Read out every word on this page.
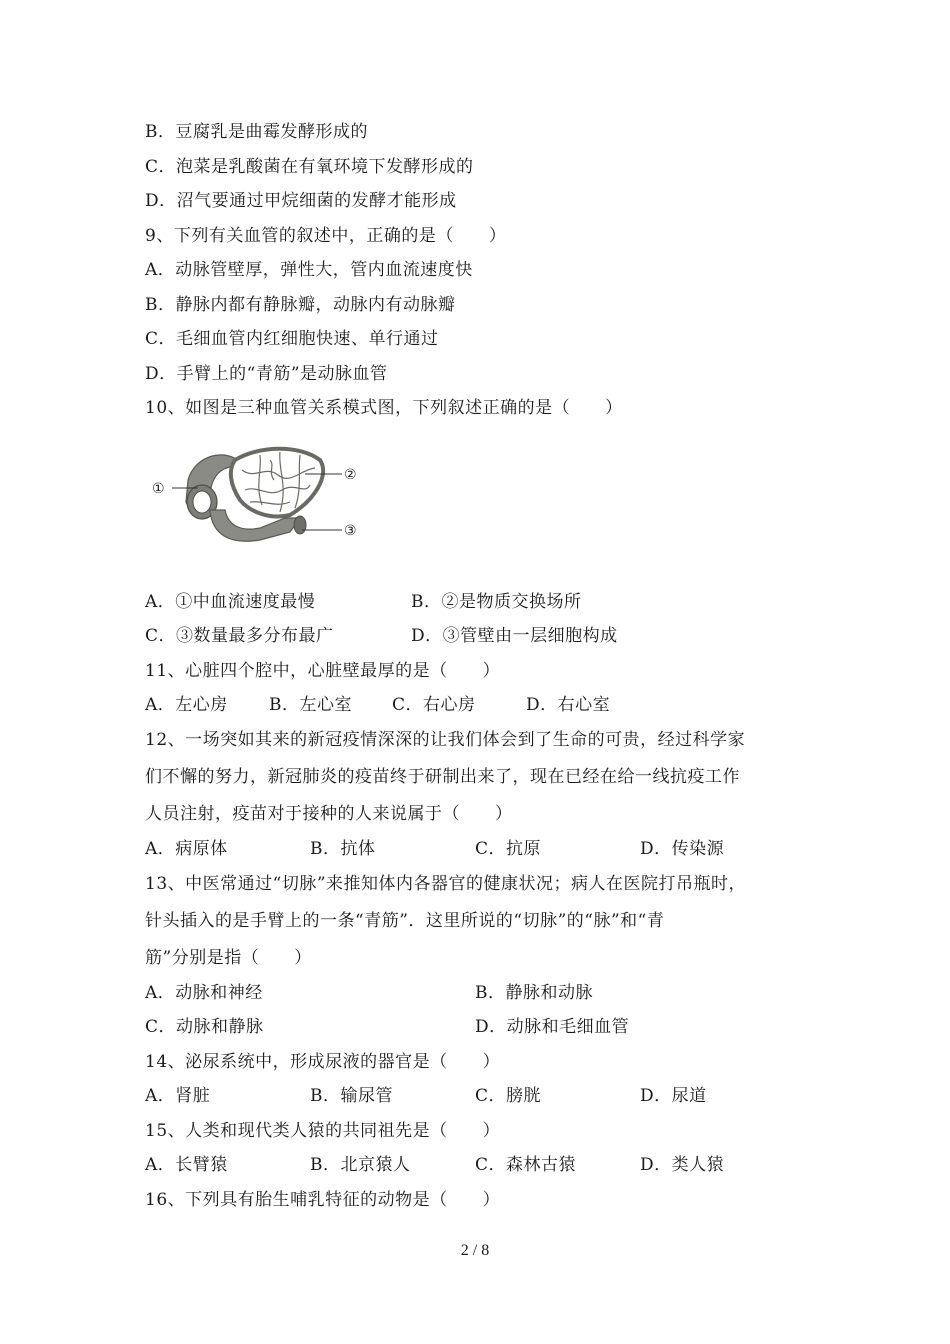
B．豆腐乳是曲霉发酵形成的
C．泡菜是乳酸菌在有氧环境下发酵形成的
D．沼气要通过甲烷细菌的发酵才能形成
9、下列有关血管的叙述中，正确的是（　　）
A．动脉管壁厚，弹性大，管内血流速度快
B．静脉内都有静脉瓣，动脉内有动脉瓣
C．毛细血管内红细胞快速、单行通过
D．手臂上的“青筋”是动脉血管
10、如图是三种血管关系模式图，下列叙述正确的是（　　）
①
②
③
A．①中血流速度最慢	B．②是物质交换场所
C．③数量最多分布最广	D．③管壁由一层细胞构成
11、心脏四个腔中，心脏壁最厚的是（　　）
A．左心房 B．左心室 C．右心房	D．右心室
12、一场突如其来的新冠疫情深深的让我们体会到了生命的可贵，经过科学家
们不懈的努力，新冠肺炎的疫苗终于研制出来了，现在已经在给一线抗疫工作
人员注射，疫苗对于接种的人来说属于（　　）
A．病原体	B．抗体	C．抗原	D．传染源
13、中医常通过“切脉”来推知体内各器官的健康状况；病人在医院打吊瓶时，
针头插入的是手臂上的一条“青筋”．这里所说的“切脉”的“脉”和“青
筋”分别是指（　　）
A．动脉和神经	B．静脉和动脉
C．动脉和静脉	D．动脉和毛细血管
14、泌尿系统中，形成尿液的器官是（　　）
A．肾脏	B．输尿管	C．膀胱	D．尿道
15、人类和现代类人猿的共同祖先是（　　）
A．长臂猿	B．北京猿人	C．森林古猿	D．类人猿
16、下列具有胎生哺乳特征的动物是（　　）
2 / 8
